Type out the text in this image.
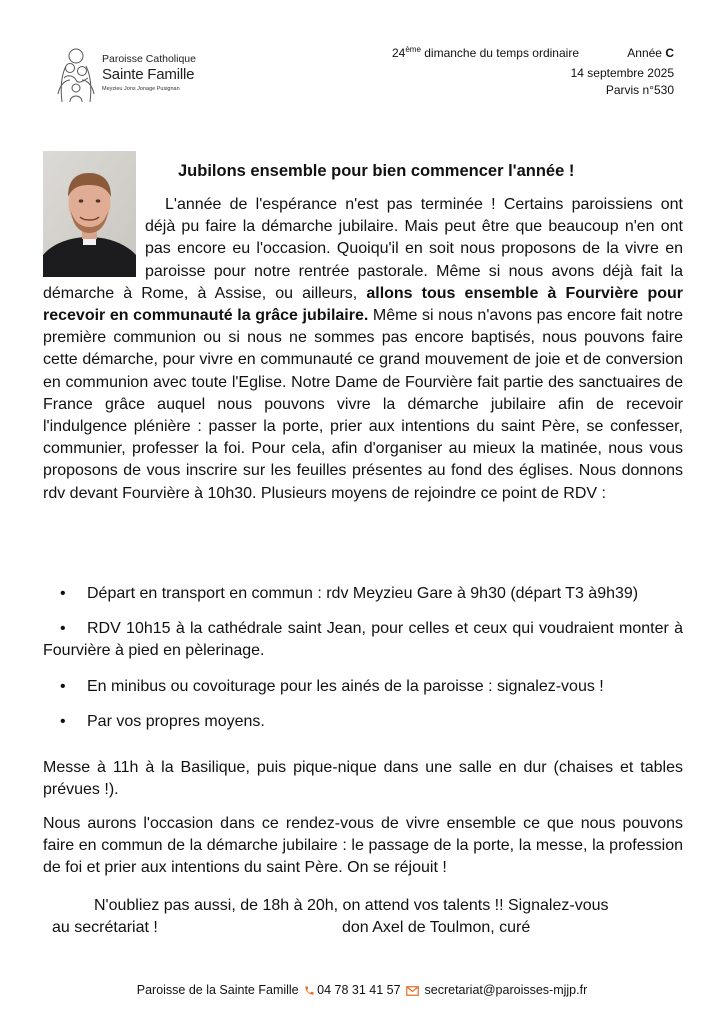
Paroisse Catholique
Sainte Famille
Meyzieu Jons Jonage Pusignan
24ème dimanche du temps ordinaire	Année C
14 septembre 2025
Parvis n°530
Jubilons ensemble pour bien commencer l'année !
L'année de l'espérance n'est pas terminée ! Certains paroissiens ont déjà pu faire la démarche jubilaire. Mais peut être que beaucoup n'en ont pas encore eu l'occasion. Quoiqu'il en soit nous proposons de la vivre en paroisse pour notre rentrée pastorale. Même si nous avons déjà fait la démarche à Rome, à Assise, ou ailleurs, allons tous ensemble à Fourvière pour recevoir en communauté la grâce jubilaire. Même si nous n'avons pas encore fait notre première communion ou si nous ne sommes pas encore baptisés, nous pouvons faire cette démarche, pour vivre en communauté ce grand mouvement de joie et de conversion en communion avec toute l'Eglise. Notre Dame de Fourvière fait partie des sanctuaires de France grâce auquel nous pouvons vivre la démarche jubilaire afin de recevoir l'indulgence plénière : passer la porte, prier aux intentions du saint Père, se confesser, communier, professer la foi. Pour cela, afin d'organiser au mieux la matinée, nous vous proposons de vous inscrire sur les feuilles présentes au fond des églises. Nous donnons rdv devant Fourvière à 10h30. Plusieurs moyens de rejoindre ce point de RDV :
• Départ en transport en commun : rdv Meyzieu Gare à 9h30 (départ T3 à9h39)
• RDV 10h15 à la cathédrale saint Jean, pour celles et ceux qui voudraient monter à Fourvière à pied en pèlerinage.
• En minibus ou covoiturage pour les ainés de la paroisse : signalez-vous !
• Par vos propres moyens.
Messe à 11h à la Basilique, puis pique-nique dans une salle en dur (chaises et tables prévues !).
Nous aurons l'occasion dans ce rendez-vous de vivre ensemble ce que nous pouvons faire en commun de la démarche jubilaire : le passage de la porte, la messe, la profession de foi et prier aux intentions du saint Père. On se réjouit !
N'oubliez pas aussi, de 18h à 20h, on attend vos talents !! Signalez-vous
au secrétariat !	don Axel de Toulmon, curé
Paroisse de la Sainte Famille 04 78 31 41 57 secretariat@paroisses-mjjp.fr
